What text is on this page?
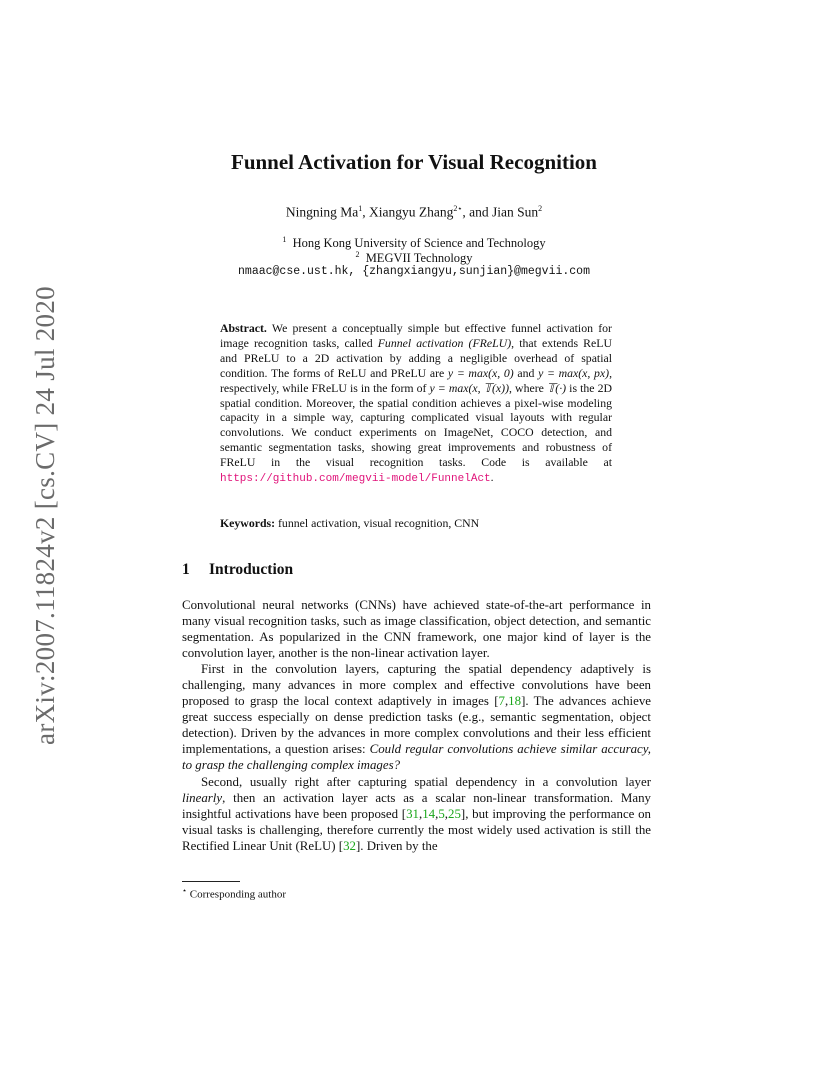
arXiv:2007.11824v2 [cs.CV] 24 Jul 2020
Funnel Activation for Visual Recognition
Ningning Ma$^1$, Xiangyu Zhang$^{2⋆}$, and Jian Sun$^2$
$^1$ Hong Kong University of Science and Technology
$^2$ MEGVII Technology
nmaac@cse.ust.hk, {zhangxiangyu,sunjian}@megvii.com
Abstract. We present a conceptually simple but effective funnel activation for image recognition tasks, called Funnel activation (FReLU), that extends ReLU and PReLU to a 2D activation by adding a negligible overhead of spatial condition. The forms of ReLU and PReLU are y = max(x, 0) and y = max(x, px), respectively, while FReLU is in the form of y = max(x, 𝕋(x)), where 𝕋(·) is the 2D spatial condition. Moreover, the spatial condition achieves a pixel-wise modeling capacity in a simple way, capturing complicated visual layouts with regular convolutions. We conduct experiments on ImageNet, COCO detection, and semantic segmentation tasks, showing great improvements and robustness of FReLU in the visual recognition tasks. Code is available at https://github.com/megvii-model/FunnelAct.
Keywords: funnel activation, visual recognition, CNN
1 Introduction

Convolutional neural networks (CNNs) have achieved state-of-the-art performance in many visual recognition tasks, such as image classification, object detection, and semantic segmentation. As popularized in the CNN framework, one major kind of layer is the convolution layer, another is the non-linear activation layer.

First in the convolution layers, capturing the spatial dependency adaptively is challenging, many advances in more complex and effective convolutions have been proposed to grasp the local context adaptively in images [7,18]. The advances achieve great success especially on dense prediction tasks (e.g., semantic segmentation, object detection). Driven by the advances in more complex convolutions and their less efficient implementations, a question arises: Could regular convolutions achieve similar accuracy, to grasp the challenging complex images?

Second, usually right after capturing spatial dependency in a convolution layer linearly, then an activation layer acts as a scalar non-linear transformation. Many insightful activations have been proposed [31,14,5,25], but improving the performance on visual tasks is challenging, therefore currently the most widely used activation is still the Rectified Linear Unit (ReLU) [32]. Driven by the

⋆ Corresponding author
